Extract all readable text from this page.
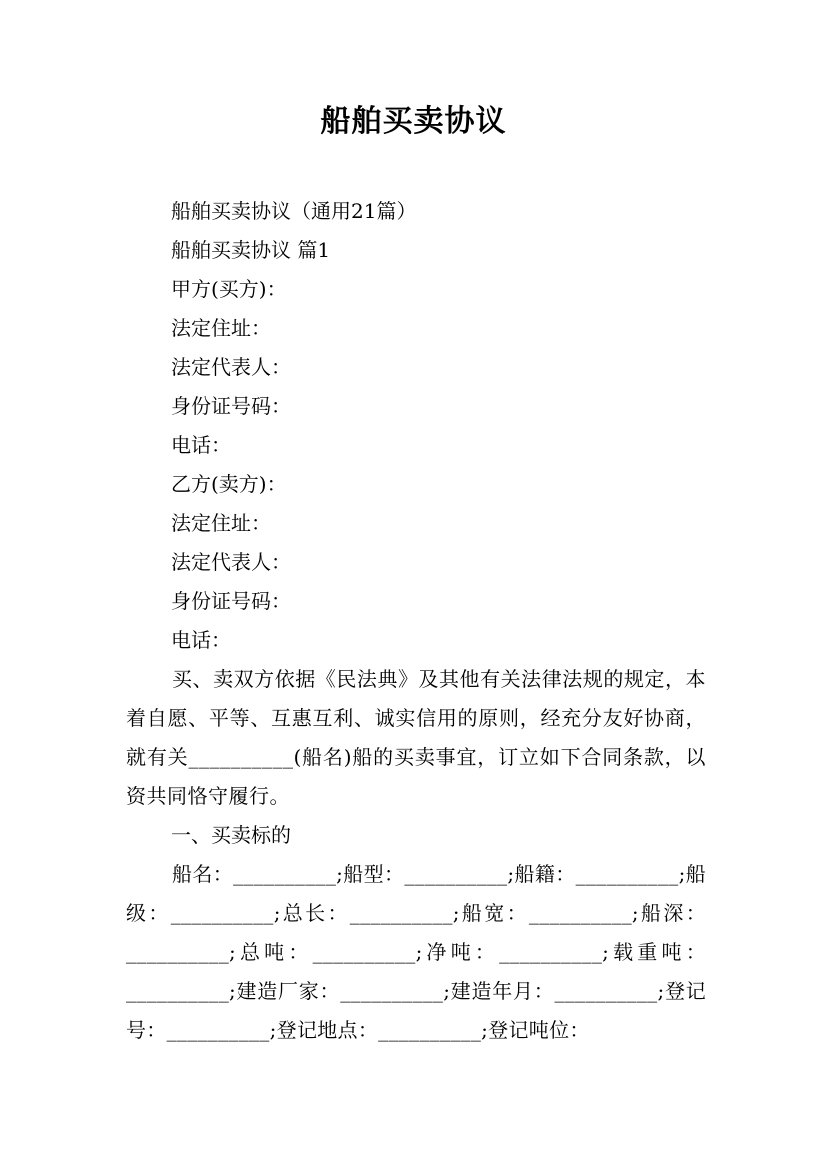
船舶买卖协议
船舶买卖协议（通用21篇）
船舶买卖协议 篇1
甲方(买方)：
法定住址：
法定代表人：
身份证号码：
电话：
乙方(卖方)：
法定住址：
法定代表人：
身份证号码：
电话：
买、卖双方依据《民法典》及其他有关法律法规的规定，本着自愿、平等、互惠互利、诚实信用的原则，经充分友好协商，就有关__________(船名)船的买卖事宜，订立如下合同条款，以资共同恪守履行。
一、买卖标的
船名：__________;船型：__________;船籍：__________;船级：__________;总长：__________;船宽：__________;船深：__________;总吨：__________;净吨：__________;载重吨：__________;建造厂家：__________;建造年月：__________;登记号：__________;登记地点：__________;登记吨位：
